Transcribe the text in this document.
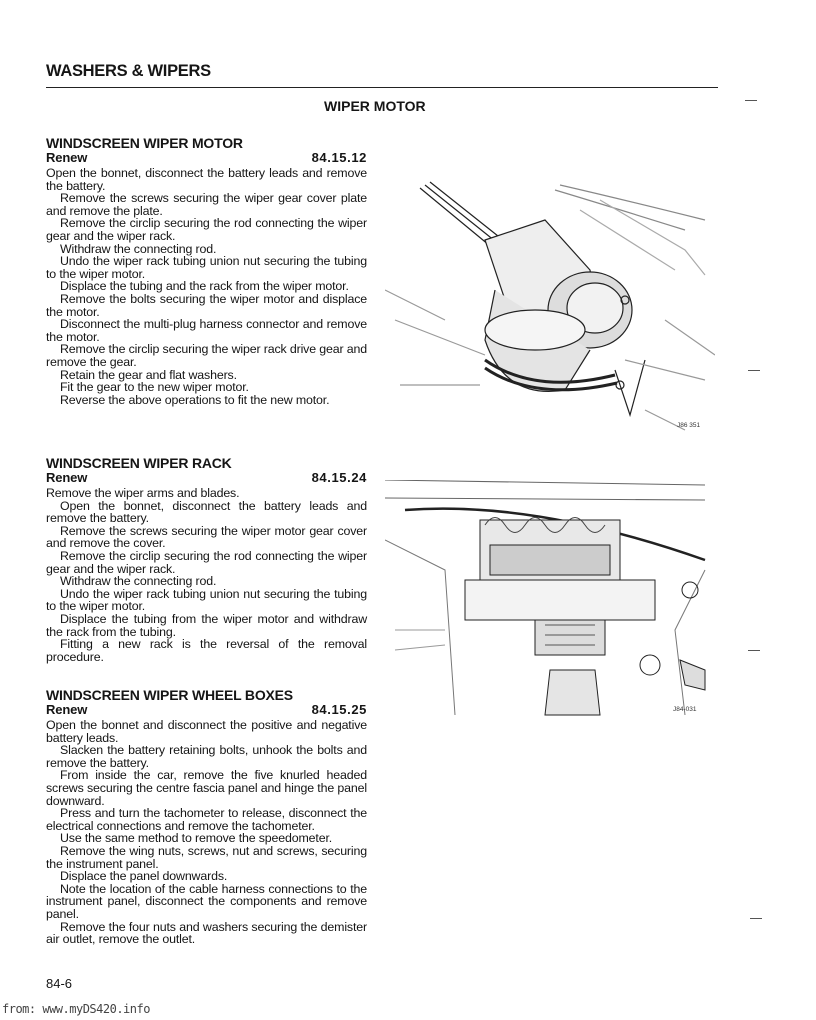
WASHERS & WIPERS
WIPER MOTOR
WINDSCREEN WIPER MOTOR
Renew	84.15.12

Open the bonnet, disconnect the battery leads and remove the battery.

Remove the screws securing the wiper gear cover plate and remove the plate.

Remove the circlip securing the rod connecting the wiper gear and the wiper rack.

Withdraw the connecting rod.

Undo the wiper rack tubing union nut securing the tubing to the wiper motor.

Displace the tubing and the rack from the wiper motor.

Remove the bolts securing the wiper motor and displace the motor.

Disconnect the multi-plug harness connector and remove the motor.

Remove the circlip securing the wiper rack drive gear and remove the gear.

Retain the gear and flat washers.

Fit the gear to the new wiper motor.

Reverse the above operations to fit the new motor.

WINDSCREEN WIPER RACK
Renew	84.15.24

Remove the wiper arms and blades.

Open the bonnet, disconnect the battery leads and remove the battery.

Remove the screws securing the wiper motor gear cover and remove the cover.

Remove the circlip securing the rod connecting the wiper gear and the wiper rack.

Withdraw the connecting rod.

Undo the wiper rack tubing union nut securing the tubing to the wiper motor.

Displace the tubing from the wiper motor and withdraw the rack from the tubing.

Fitting a new rack is the reversal of the removal procedure.

WINDSCREEN WIPER WHEEL BOXES
Renew	84.15.25

Open the bonnet and disconnect the positive and negative battery leads.

Slacken the battery retaining bolts, unhook the bolts and remove the battery.

From inside the car, remove the five knurled headed screws securing the centre fascia panel and hinge the panel downward.

Press and turn the tachometer to release, disconnect the electrical connections and remove the tachometer.

Use the same method to remove the speedometer.

Remove the wing nuts, screws, nut and screws, securing the instrument panel.

Displace the panel downwards.

Note the location of the cable harness connections to the instrument panel, disconnect the components and remove panel.

Remove the four nuts and washers securing the demister air outlet, remove the outlet.

J86 351
J84-031
84-6
from: www.myDS420.info
